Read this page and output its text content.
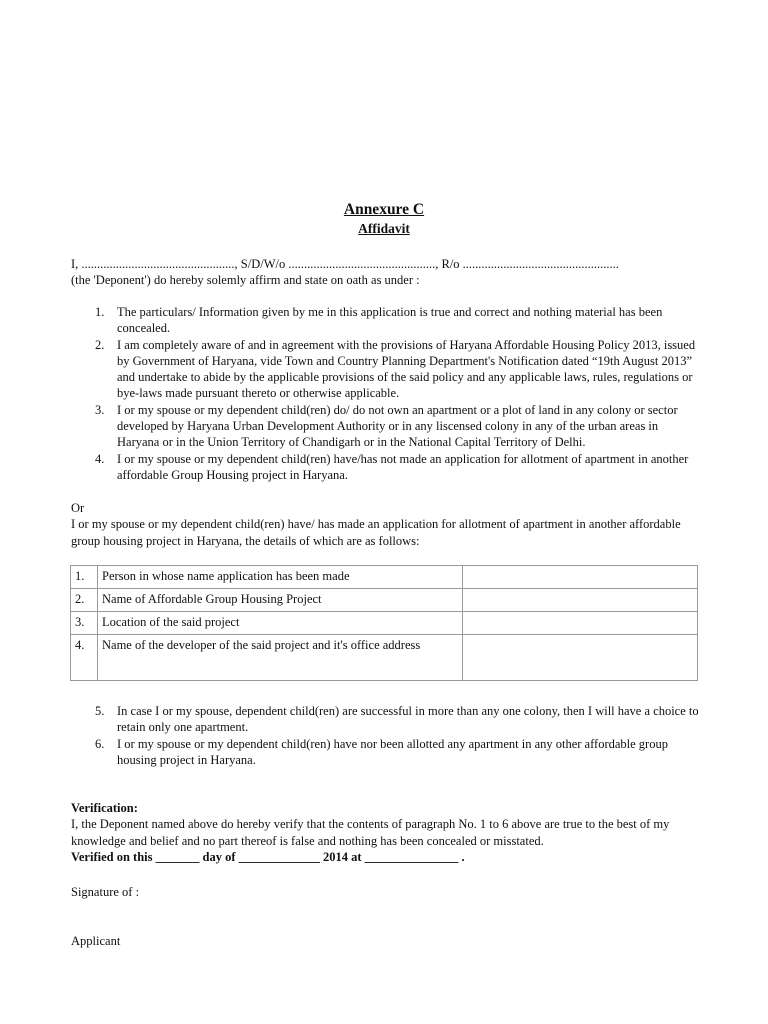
Annexure C
Affidavit
I, ................................................., S/D/W/o ..............................................., R/o ..................................................
(the 'Deponent') do hereby solemly affirm and state on oath as under :
1. The particulars/ Information given by me in this application is true and correct and nothing material has been concealed.
2. I am completely aware of and in agreement with the provisions of Haryana Affordable Housing Policy 2013, issued by Government of Haryana, vide Town and Country Planning Department's Notification dated “19th August 2013” and undertake to abide by the applicable provisions of the said policy and any applicable laws, rules, regulations or bye-laws made pursuant thereto or otherwise applicable.
3. I or my spouse or my dependent child(ren) do/ do not own an apartment or a plot of land in any colony or sector developed by Haryana Urban Development Authority or in any liscensed colony in any of the urban areas in Haryana or in the Union Territory of Chandigarh or in the National Capital Territory of Delhi.
4. I or my spouse or my dependent child(ren) have/has not made an application for allotment of apartment in another affordable Group Housing project in Haryana.
Or
I or my spouse or my dependent child(ren) have/ has made an application for allotment of apartment in another affordable group housing project in Haryana, the details of which are as follows:
1.	Person in whose name application has been made	
2.	Name of Affordable Group Housing Project	
3.	Location of the said project	
4.	Name of the developer of the said project and it's office address	
5. In case I or my spouse, dependent child(ren) are successful in more than any one colony, then I will have a choice to retain only one apartment.
6. I or my spouse or my dependent child(ren) have nor been allotted any apartment in any other affordable group housing project in Haryana.
Verification:
I, the Deponent named above do hereby verify that the contents of paragraph No. 1 to 6 above are true to the best of my knowledge and belief and no part thereof is false and nothing has been concealed or misstated.
Verified on this _______ day of _____________ 2014 at _______________ .
Signature of :
Applicant
